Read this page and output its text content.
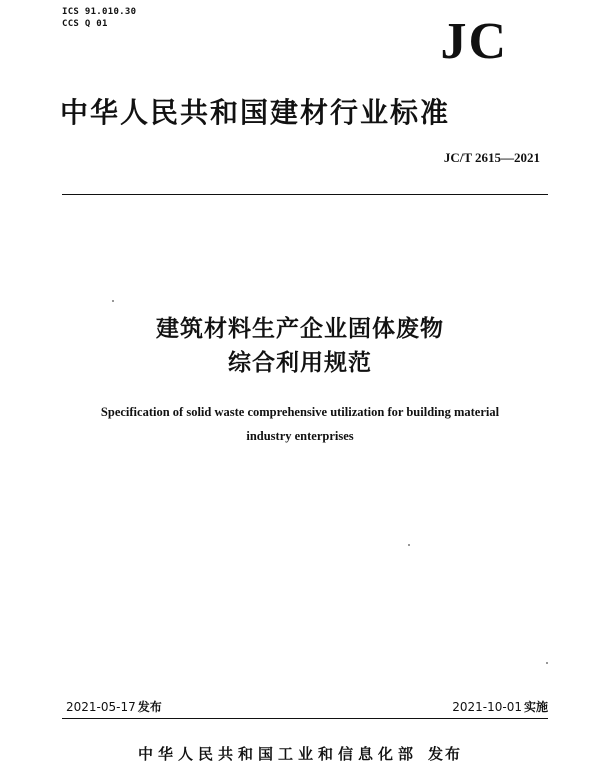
ICS 91.010.30
CCS Q 01	JC
中华人民共和国建材行业标准
JC/T 2615—2021
建筑材料生产企业固体废物
综合利用规范
Specification of solid waste comprehensive utilization for building material
industry enterprises
2021-05-17 发布	2021-10-01 实施
中华人民共和国工业和信息化部 发布
